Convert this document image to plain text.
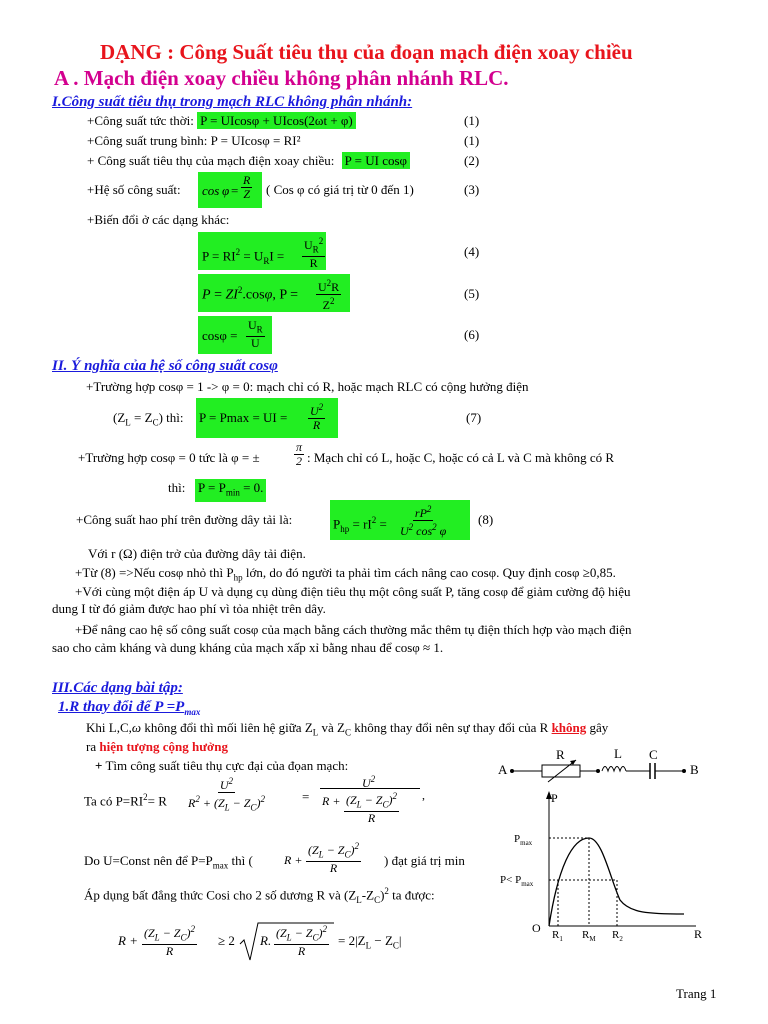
DẠNG : Công Suất tiêu thụ của đoạn mạch điện xoay chiều
A . Mạch điện xoay chiều không phân nhánh RLC.
I.Công suất tiêu thụ trong mạch RLC không phân nhánh:
+Công suất tức thời: P = UIcosφ + UIcos(2ωt + φ)	(1)
+Công suất trung bình: P = UIcosφ = RI²	(1)
+ Công suất tiêu thụ của mạch điện xoay chiều: P = UI cosφ	(2)
+Hệ số công suất: $\cos \varphi = \frac{R}{Z}$ ( Cos φ có giá trị từ 0 đến 1)	(3)
+Biến đổi ở các dạng khác:
$P = RI^2 = U_RI = \frac{U_R^2}{R}$	(4)
$P = ZI^2.\cos\varphi$, $P = \frac{U^2R}{Z^2}$	(5)
$\cos\varphi = \frac{U_R}{U}$	(6)
II. Ý nghĩa của hệ số công suất cosφ
+Trường hợp cosφ = 1 -> φ = 0: mạch chỉ có R, hoặc mạch RLC có cộng hưởng điện
$(Z_L = Z_C)$ thì: P = Pmax = UI = $\frac{U^2}{R}$	(7)
+Trường hợp cosφ = 0 tức là φ = ±	$\frac{\pi}{2}$ : Mạch chỉ có L, hoặc C, hoặc có cả L và C mà không có R
thì: $P = P_{min} = 0$.
+Công suất hao phí trên đường dây tải là:	$P_{hp} = rI^2 = \frac{rP^2}{U^2 \cos^2 \varphi} (8)$
Với r (Ω) điện trở của đường dây tải điện.
+Từ (8) =>Nếu cosφ nhỏ thì $P_{hp}$ lớn, do đó người ta phải tìm cách nâng cao cosφ. Quy định cosφ ≥0,85.
+Với cùng một điện áp U và dụng cụ dùng điện tiêu thụ một công suất P, tăng cosφ để giảm cường độ hiệu
dung I từ đó giảm được hao phí vì tỏa nhiệt trên dây.
+Để nâng cao hệ số công suất cosφ của mạch bằng cách thường mắc thêm tụ điện thích hợp vào mạch điện
sao cho cảm kháng và dung kháng của mạch xấp xỉ bằng nhau để cosφ ≈ 1.
III.Các dạng bài tập:
1.R thay đổi để $P =P_{max}$
Khi L,C,ω không đổi thì mối liên hệ giữa $Z_L$ và $Z_C$ không thay đổi nên sự thay đổi của R không gây
ra hiện tượng cộng hưởng
+ Tìm công suất tiêu thụ cực đại của đọan mạch:
Ta có $P=RI^2= R \frac{U^2}{R^2 + (Z_L - Z_C)^2}$	=
$U^2$
$R + \frac{(Z_L - Z_C)^2}{R}$ ,
Do U=Const nên để $P=P_{max}$ thì (	$R + \frac{(Z_L - Z_C)^2}{R}$ ) đạt giá trị min
Áp dụng bất đẳng thức Cosi cho 2 số dương R và $(Z_L-Z_C)^2$ ta được:
$R + \frac{(Z_L - Z_C)^2}{R} \ge 2$ R. $\frac{(Z_L - Z_C)^2}{R} = 2|Z_L - Z_C|$
A
R	L C
B
P
R
O
$P_{max}$
$P< P_{max}$
$R_1$ $R_M$ $R_2$
Trang 1
